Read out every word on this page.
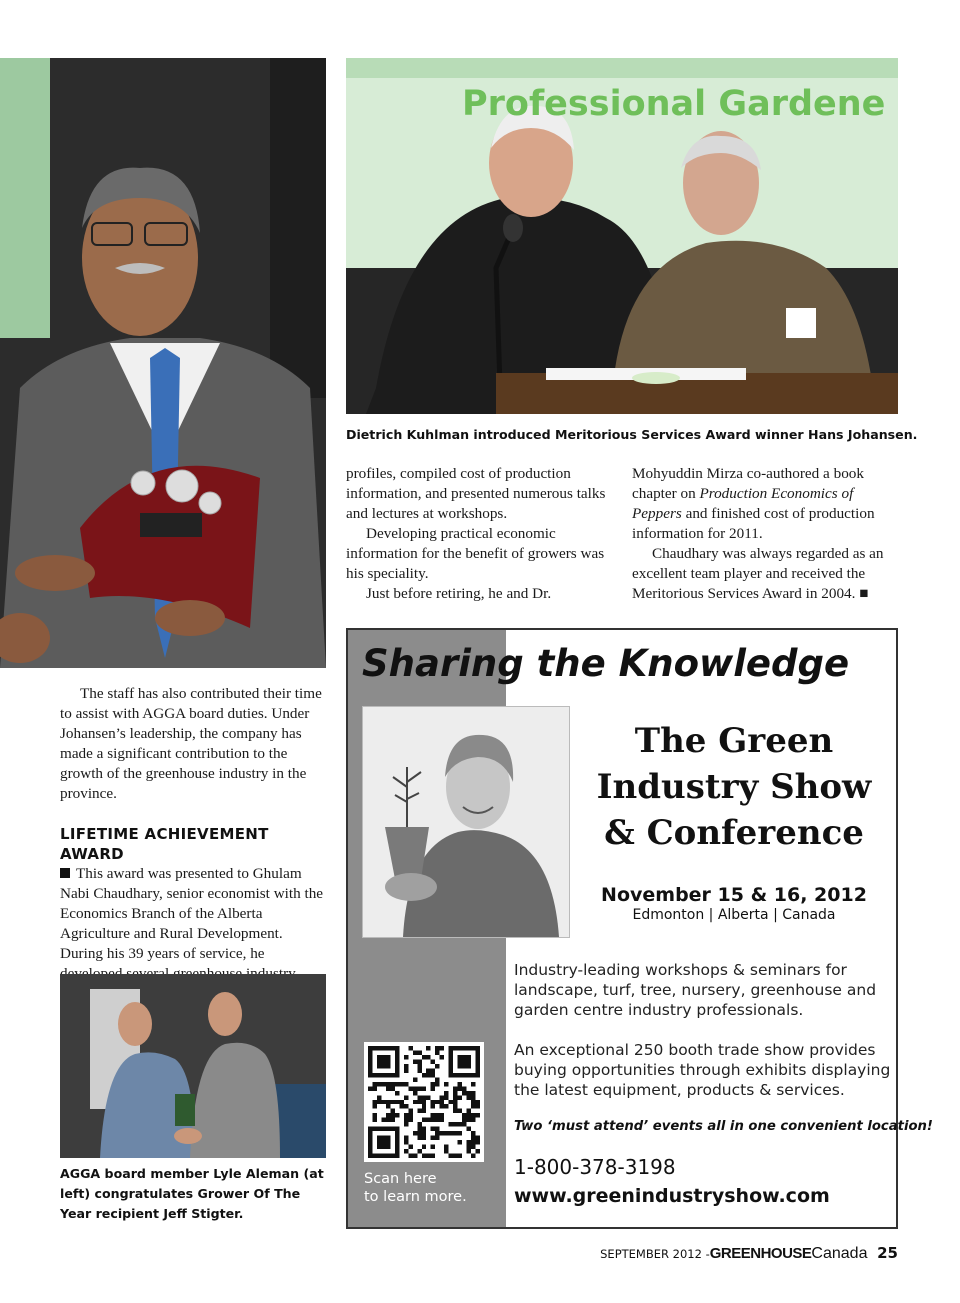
Professional Gardene
Dietrich Kuhlman introduced Meritorious Services Award winner Hans Johansen.

profiles, compiled cost of production information, and presented numerous talks and lectures at workshops.

Developing practical economic information for the benefit of growers was his speciality.

Just before retiring, he and Dr.

Mohyuddin Mirza co-authored a book chapter on Production Economics of Peppers and finished cost of production information for 2011.

Chaudhary was always regarded as an excellent team player and received the Meritorious Services Award in 2004. ■

The staff has also contributed their time to assist with AGGA board duties. Under Johansen’s leadership, the company has made a significant contribution to the growth of the greenhouse industry in the province.

LIFETIME ACHIEVEMENT AWARD

This award was presented to Ghulam Nabi Chaudhary, senior economist with the Economics Branch of the Alberta Agriculture and Rural Development. During his 39 years of service, he

AGGA board member Lyle Aleman (at left) congratulates Grower Of The Year recipient Jeff Stigter.
Sharing the Knowledge
The Green
Industry Show
& Conference
November 15 & 16, 2012
Edmonton | Alberta | Canada
Industry-leading workshops & seminars for landscape, turf, tree, nursery, greenhouse and garden centre industry professionals.
An exceptional 250 booth trade show provides buying opportunities through exhibits displaying the latest equipment, products & services.
Two ‘must attend’ events all in one convenient location!
Scan here
to learn more.
1-800-378-3198
www.greenindustryshow.com
SEPTEMBER 2012 -GREENHOUSECanada 25
